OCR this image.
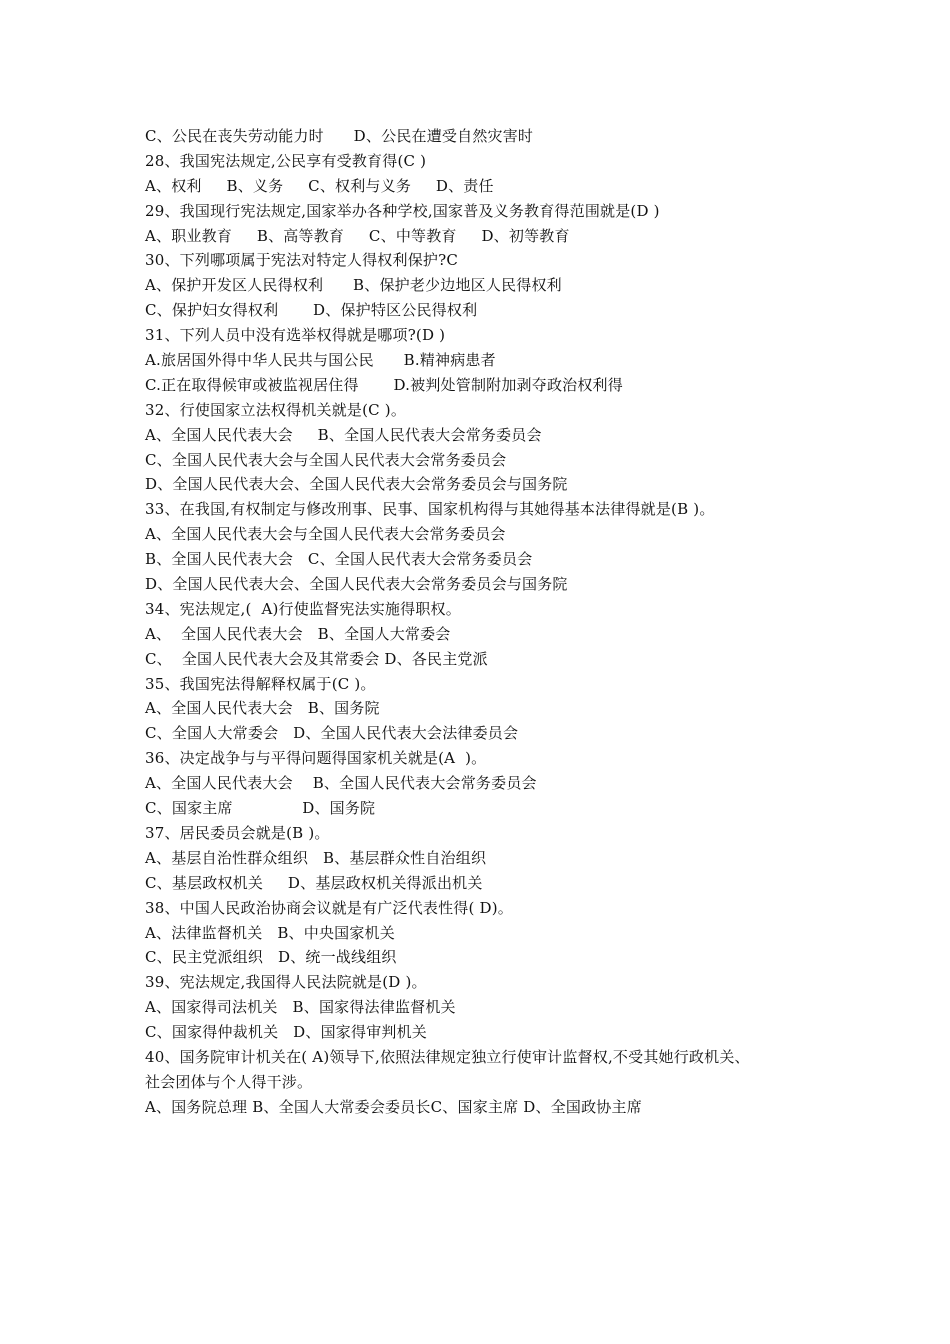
C、公民在丧失劳动能力时      D、公民在遭受自然灾害时
28、我国宪法规定,公民享有受教育得(C )
A、权利     B、义务     C、权利与义务     D、责任
29、我国现行宪法规定,国家举办各种学校,国家普及义务教育得范围就是(D )
A、职业教育     B、高等教育     C、中等教育     D、初等教育
30、下列哪项属于宪法对特定人得权利保护?C
A、保护开发区人民得权利      B、保护老少边地区人民得权利
C、保护妇女得权利       D、保护特区公民得权利
31、下列人员中没有选举权得就是哪项?(D )
A.旅居国外得中华人民共与国公民      B.精神病患者
C.正在取得候审或被监视居住得       D.被判处管制附加剥夺政治权利得
32、行使国家立法权得机关就是(C )。
A、全国人民代表大会     B、全国人民代表大会常务委员会
C、全国人民代表大会与全国人民代表大会常务委员会
D、全国人民代表大会、全国人民代表大会常务委员会与国务院
33、在我国,有权制定与修改刑事、民事、国家机构得与其她得基本法律得就是(B )。
A、全国人民代表大会与全国人民代表大会常务委员会
B、全国人民代表大会   C、全国人民代表大会常务委员会
D、全国人民代表大会、全国人民代表大会常务委员会与国务院
34、宪法规定,(  A)行使监督宪法实施得职权。
A、  全国人民代表大会   B、全国人大常委会
C、  全国人民代表大会及其常委会 D、各民主党派
35、我国宪法得解释权属于(C )。
A、全国人民代表大会   B、国务院
C、全国人大常委会   D、全国人民代表大会法律委员会
36、决定战争与与平得问题得国家机关就是(A  )。
A、全国人民代表大会    B、全国人民代表大会常务委员会
C、国家主席              D、国务院
37、居民委员会就是(B )。
A、基层自治性群众组织   B、基层群众性自治组织
C、基层政权机关     D、基层政权机关得派出机关
38、中国人民政治协商会议就是有广泛代表性得( D)。
A、法律监督机关   B、中央国家机关
C、民主党派组织   D、统一战线组织
39、宪法规定,我国得人民法院就是(D )。
A、国家得司法机关   B、国家得法律监督机关
C、国家得仲裁机关   D、国家得审判机关
40、国务院审计机关在( A)领导下,依照法律规定独立行使审计监督权,不受其她行政机关、
社会团体与个人得干涉。
A、国务院总理 B、全国人大常委会委员长C、国家主席 D、全国政协主席
